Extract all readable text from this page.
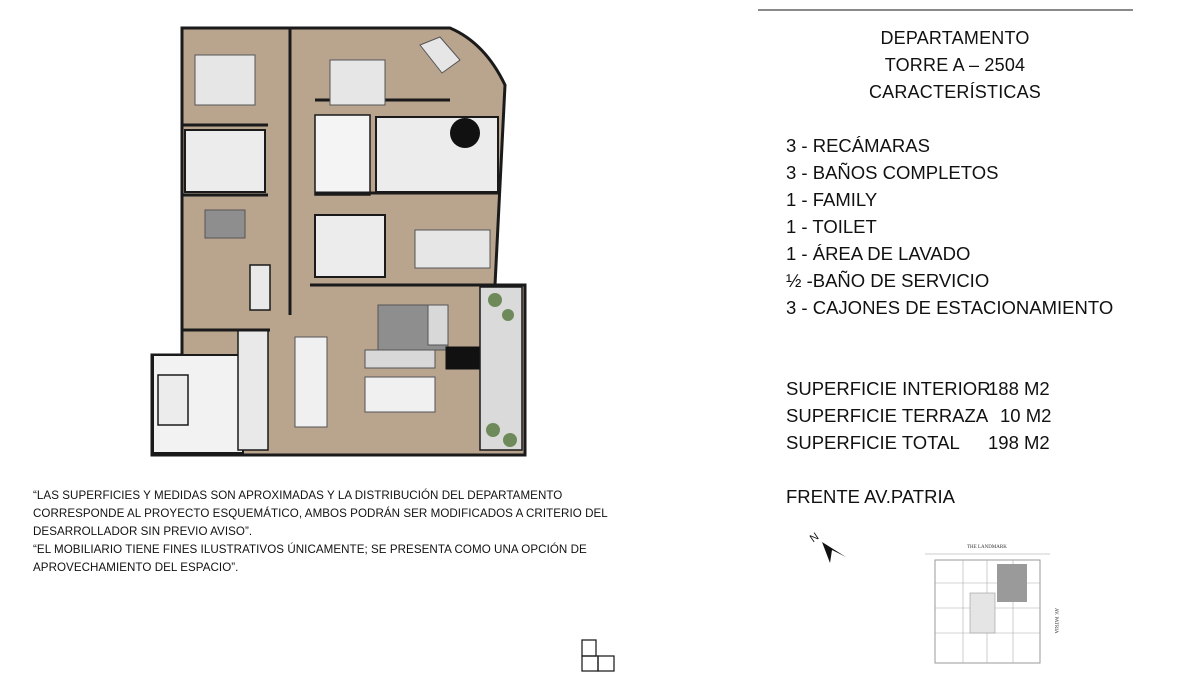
DEPARTAMENTO
TORRE A – 2504
CARACTERÍSTICAS
3 - RECÁMARAS
3 - BAÑOS COMPLETOS
1 - FAMILY
1 - TOILET
1 - ÁREA DE LAVADO
½ -BAÑO DE SERVICIO
3 - CAJONES DE ESTACIONAMIENTO
SUPERFICIE INTERIOR
188 M2
SUPERFICIE TERRAZA 10 M2
SUPERFICIE TOTAL 198 M2
FRENTE AV.PATRIA
“LAS SUPERFICIES Y MEDIDAS SON APROXIMADAS Y LA DISTRIBUCIÓN DEL DEPARTAMENTO
CORRESPONDE AL PROYECTO ESQUEMÁTICO, AMBOS PODRÁN SER MODIFICADOS A CRITERIO DEL
DESARROLLADOR SIN PREVIO AVISO”.
“EL MOBILIARIO TIENE FINES ILUSTRATIVOS ÚNICAMENTE; SE PRESENTA COMO UNA OPCIÓN DE
APROVECHAMIENTO DEL ESPACIO”.
N
THE LANDMARK
AV. PATRIA
